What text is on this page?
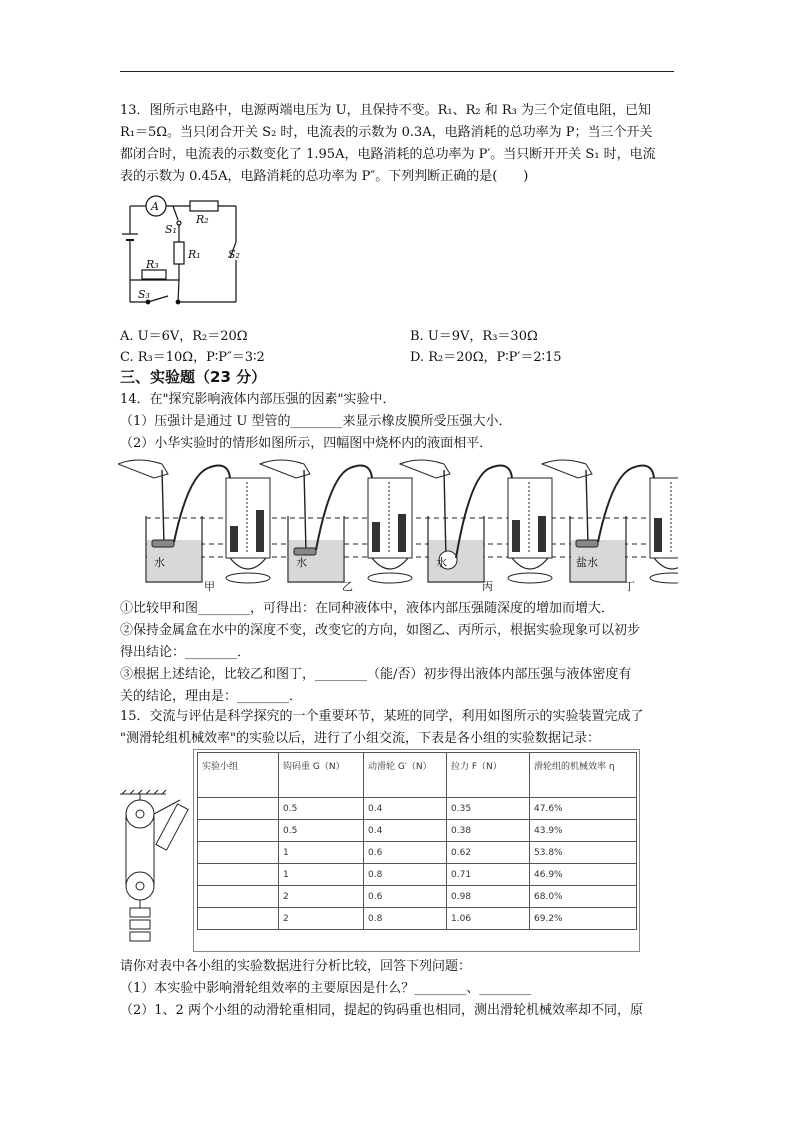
13．图所示电路中，电源两端电压为 U，且保持不变。R₁、R₂ 和 R₃ 为三个定值电阻，已知
R₁＝5Ω。当只闭合开关 S₂ 时，电流表的示数为 0.3A，电路消耗的总功率为 P；当三个开关
都闭合时，电流表的示数变化了 1.95A，电路消耗的总功率为 P′。当只断开开关 S₁ 时，电流
表的示数为 0.45A，电路消耗的总功率为 P″。下列判断正确的是(　　)
A
R₂
S₁
R₁ S₂
R₃
S₃
A. U＝6V，R₂＝20Ω	B. U＝9V，R₃＝30Ω
C. R₃＝10Ω，P∶P″＝3∶2	D. R₂＝20Ω，P∶P′＝2∶15
三、实验题（23 分）
14．在"探究影响液体内部压强的因素"实验中．
（1）压强计是通过 U 型管的________来显示橡皮膜所受压强大小．
（2）小华实验时的情形如图所示，四幅图中烧杯内的液面相平．
水
甲
水
乙
水
丙
盐水
丁
①比较甲和图________，可得出：在同种液体中，液体内部压强随深度的增加而增大．
②保持金属盒在水中的深度不变，改变它的方向，如图乙、丙所示，根据实验现象可以初步
得出结论：________．
③根据上述结论，比较乙和图丁，________（能/否）初步得出液体内部压强与液体密度有
关的结论，理由是：________．
15．交流与评估是科学探究的一个重要环节，某班的同学，利用如图所示的实验装置完成了
"测滑轮组机械效率"的实验以后，进行了小组交流，下表是各小组的实验数据记录：
实验小组	钩码重 G（N）	动滑轮 G′（N）	拉力 F（N）	滑轮组的机械效率 η
	0.5	0.4	0.35	47.6%
	0.5	0.4	0.38	43.9%
	1	0.6	0.62	53.8%
	1	0.8	0.71	46.9%
	2	0.6	0.98	68.0%
	2	0.8	1.06	69.2%
请你对表中各小组的实验数据进行分析比较，回答下列问题：
（1）本实验中影响滑轮组效率的主要原因是什么？________、________
（2）1、2 两个小组的动滑轮重相同，提起的钩码重也相同，测出滑轮机械效率却不同，原
